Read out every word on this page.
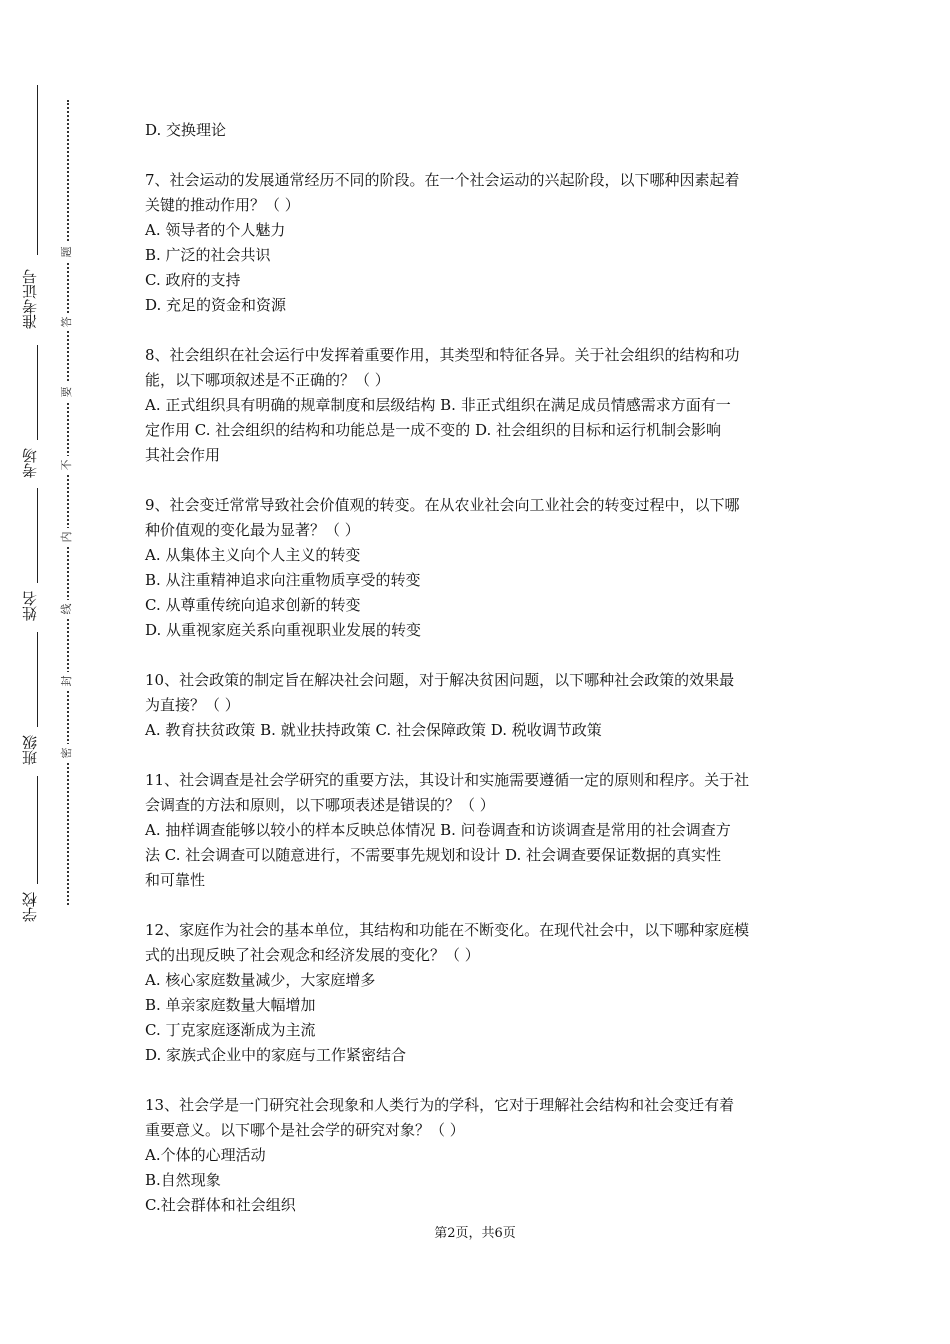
准考证号
考场
姓名
班级
学校
题
答
要
不
内
线
封
密
D. 交换理论
7、社会运动的发展通常经历不同的阶段。在一个社会运动的兴起阶段，以下哪种因素起着
关键的推动作用？（ ）
A. 领导者的个人魅力
B. 广泛的社会共识
C. 政府的支持
D. 充足的资金和资源
8、社会组织在社会运行中发挥着重要作用，其类型和特征各异。关于社会组织的结构和功
能，以下哪项叙述是不正确的？（ ）
A. 正式组织具有明确的规章制度和层级结构 B. 非正式组织在满足成员情感需求方面有一
定作用 C. 社会组织的结构和功能总是一成不变的 D. 社会组织的目标和运行机制会影响
其社会作用
9、社会变迁常常导致社会价值观的转变。在从农业社会向工业社会的转变过程中，以下哪
种价值观的变化最为显著？（ ）
A. 从集体主义向个人主义的转变
B. 从注重精神追求向注重物质享受的转变
C. 从尊重传统向追求创新的转变
D. 从重视家庭关系向重视职业发展的转变
10、社会政策的制定旨在解决社会问题，对于解决贫困问题，以下哪种社会政策的效果最
为直接？（ ）
A. 教育扶贫政策 B. 就业扶持政策 C. 社会保障政策 D. 税收调节政策
11、社会调查是社会学研究的重要方法，其设计和实施需要遵循一定的原则和程序。关于社
会调查的方法和原则，以下哪项表述是错误的？（ ）
A. 抽样调查能够以较小的样本反映总体情况 B. 问卷调查和访谈调查是常用的社会调查方
法 C. 社会调查可以随意进行，不需要事先规划和设计 D. 社会调查要保证数据的真实性
和可靠性
12、家庭作为社会的基本单位，其结构和功能在不断变化。在现代社会中，以下哪种家庭模
式的出现反映了社会观念和经济发展的变化？（ ）
A. 核心家庭数量减少，大家庭增多
B. 单亲家庭数量大幅增加
C. 丁克家庭逐渐成为主流
D. 家族式企业中的家庭与工作紧密结合
13、社会学是一门研究社会现象和人类行为的学科，它对于理解社会结构和社会变迁有着
重要意义。以下哪个是社会学的研究对象？（ ）
A.个体的心理活动
B.自然现象
C.社会群体和社会组织
第2页，共6页
